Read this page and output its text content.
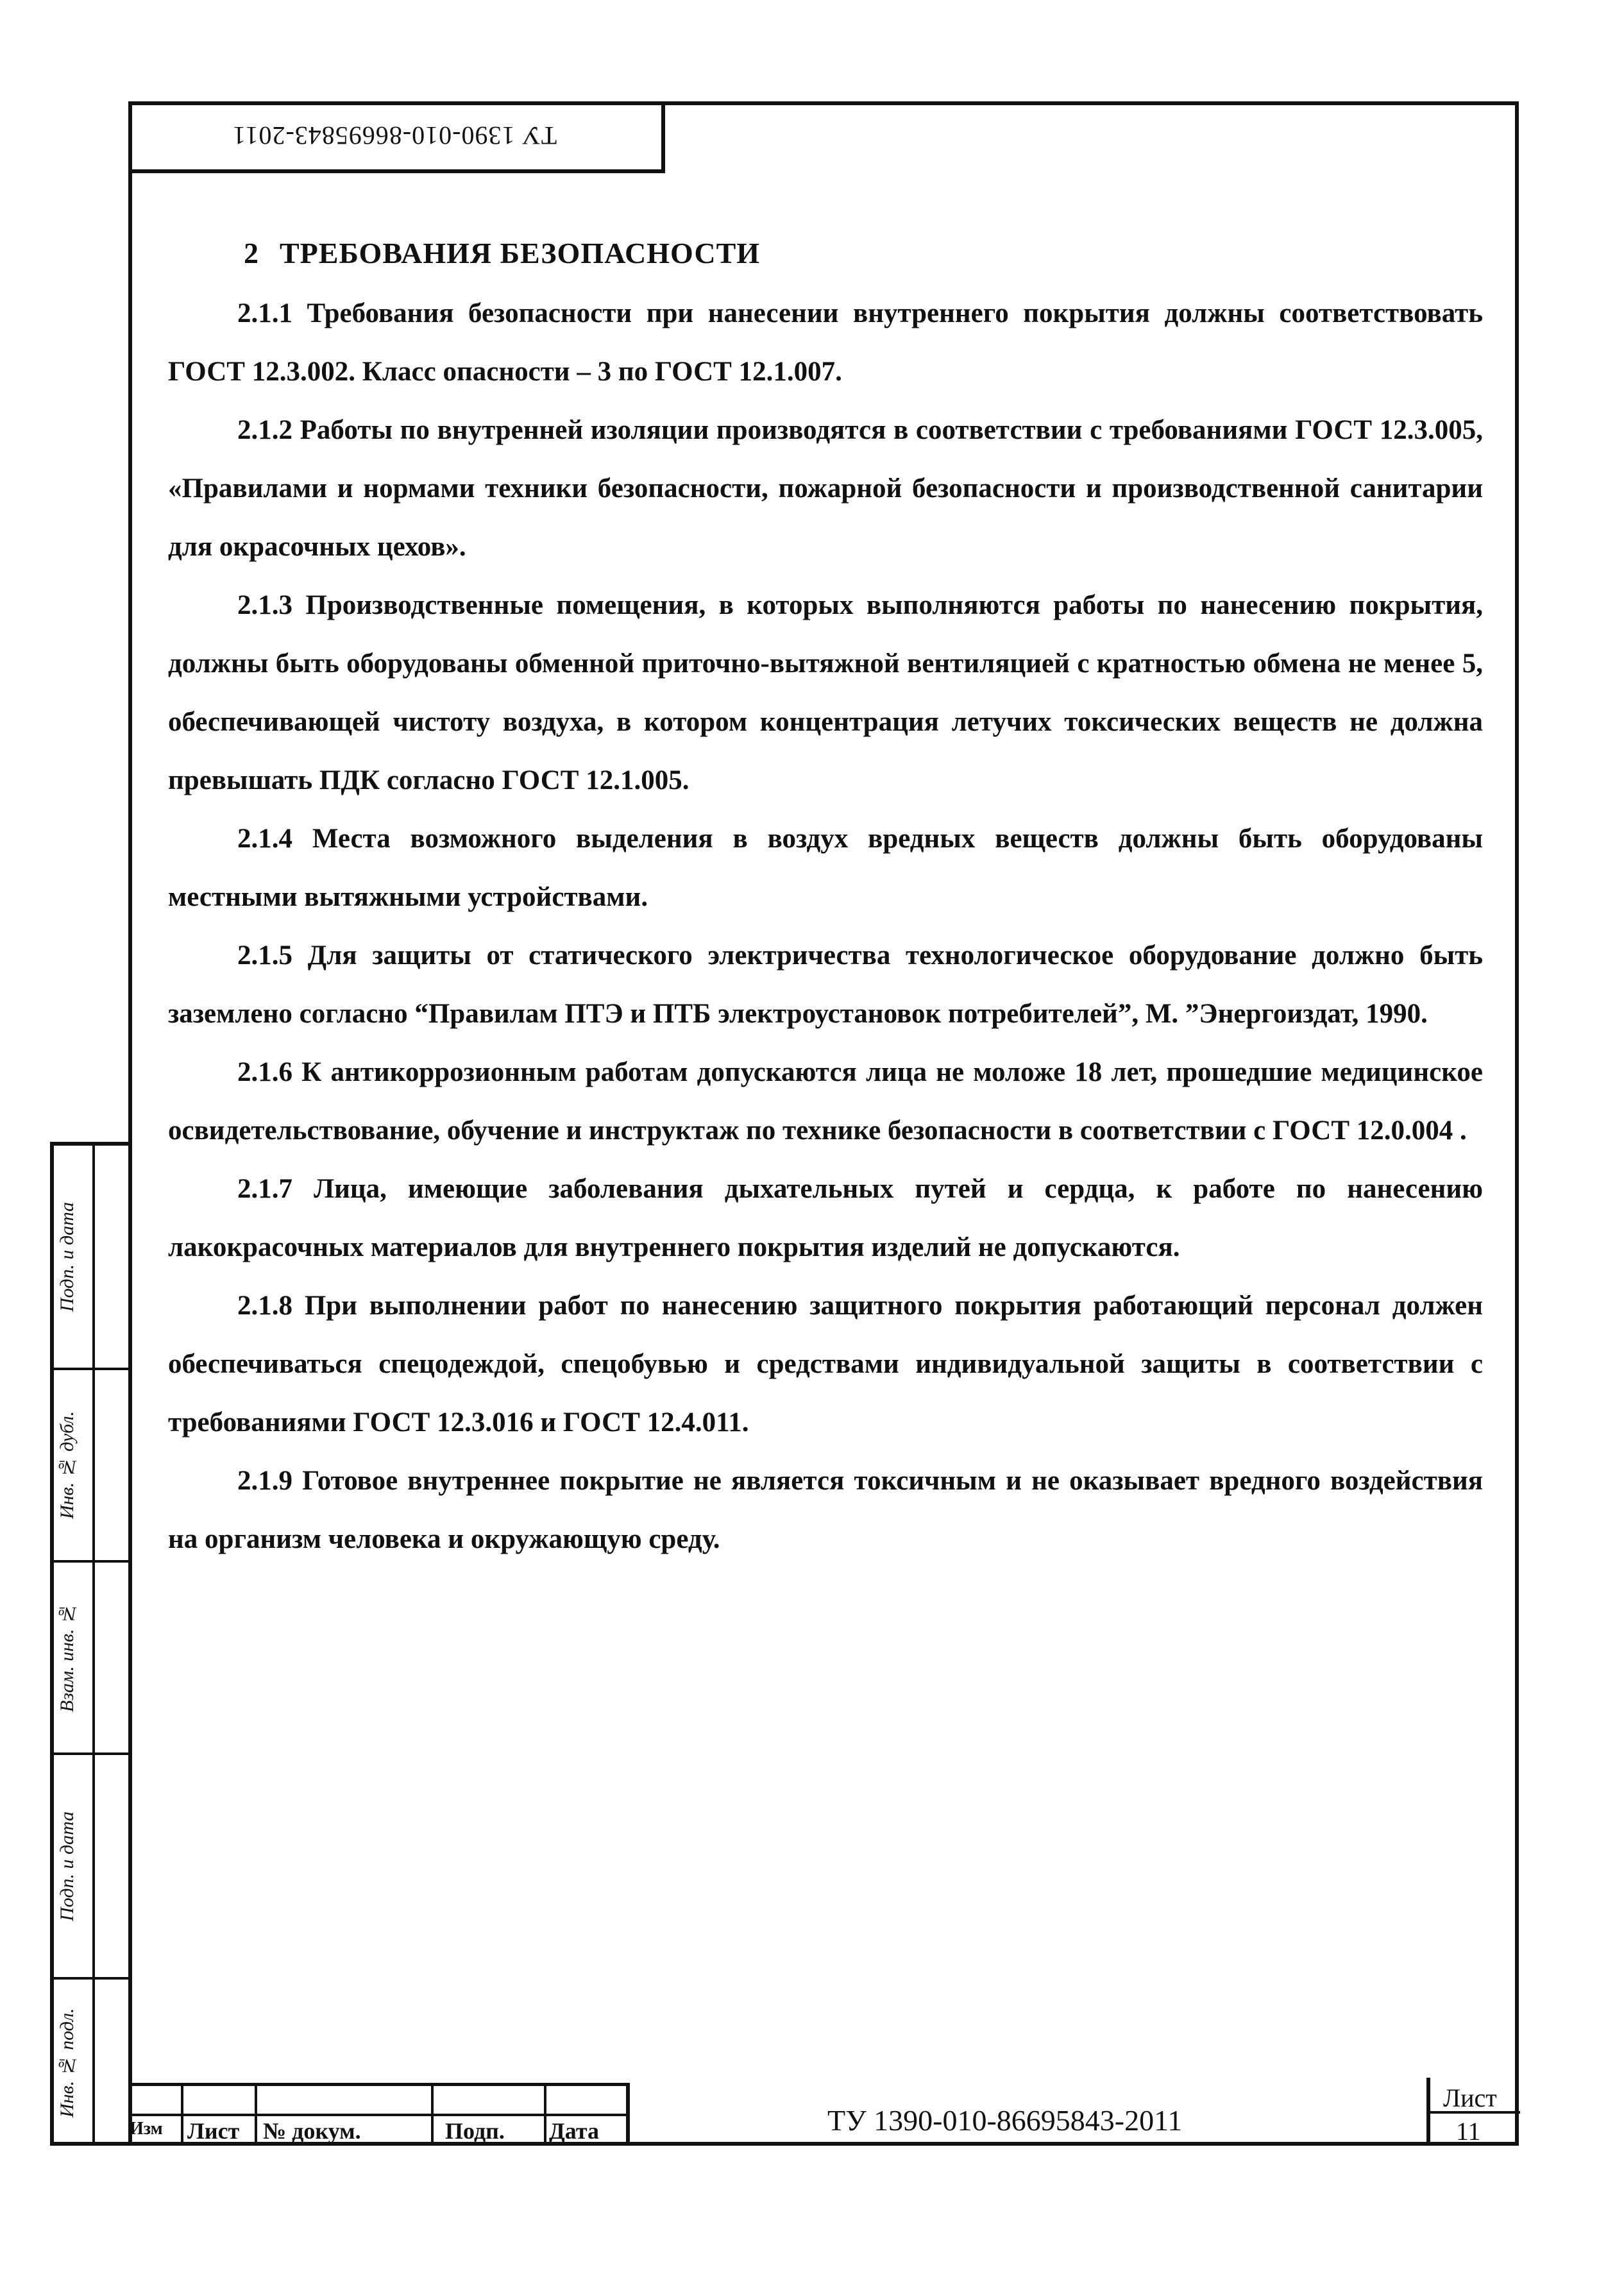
ТУ 1390-010-86695843-2011
Подп. и дата
Инв. № дубл.
Взам. инв. №
Подп. и дата
Инв. № подл.
2 ТРЕБОВАНИЯ БЕЗОПАСНОСТИ

2.1.1 Требования безопасности при нанесении внутреннего покрытия должны соответствовать ГОСТ 12.3.002. Класс опасности – 3 по ГОСТ 12.1.007.

2.1.2 Работы по внутренней изоляции производятся в соответствии с требованиями ГОСТ 12.3.005, «Правилами и нормами техники безопасности, пожарной безопасности и производственной санитарии для окрасочных цехов».

2.1.3 Производственные помещения, в которых выполняются работы по нанесению покрытия, должны быть оборудованы обменной приточно-вытяжной вентиляцией с кратностью обмена не менее 5, обеспечивающей чистоту воздуха, в котором концентрация летучих токсических веществ не должна превышать ПДК согласно ГОСТ 12.1.005.

2.1.4 Места возможного выделения в воздух вредных веществ должны быть оборудованы местными вытяжными устройствами.

2.1.5 Для защиты от статического электричества технологическое оборудование должно быть заземлено согласно “Правилам ПТЭ и ПТБ электроустановок потребителей”, М. ”Энергоиздат, 1990.

2.1.6 К антикоррозионным работам допускаются лица не моложе 18 лет, прошедшие медицинское освидетельствование, обучение и инструктаж по технике безопасности в соответствии с ГОСТ 12.0.004 .

2.1.7 Лица, имеющие заболевания дыхательных путей и сердца, к работе по нанесению лакокрасочных материалов для внутреннего покрытия изделий не допускаются.

2.1.8 При выполнении работ по нанесению защитного покрытия работающий персонал должен обеспечиваться спецодеждой, спецобувью и средствами индивидуальной защиты в соответствии с требованиями ГОСТ 12.3.016 и ГОСТ 12.4.011.

2.1.9 Готовое внутреннее покрытие не является токсичным и не оказывает вредного воздействия на организм человека и окружающую среду.

Изм Лист № докум.	Подп. Дата	ТУ 1390-010-86695843-2011
Лист
11
